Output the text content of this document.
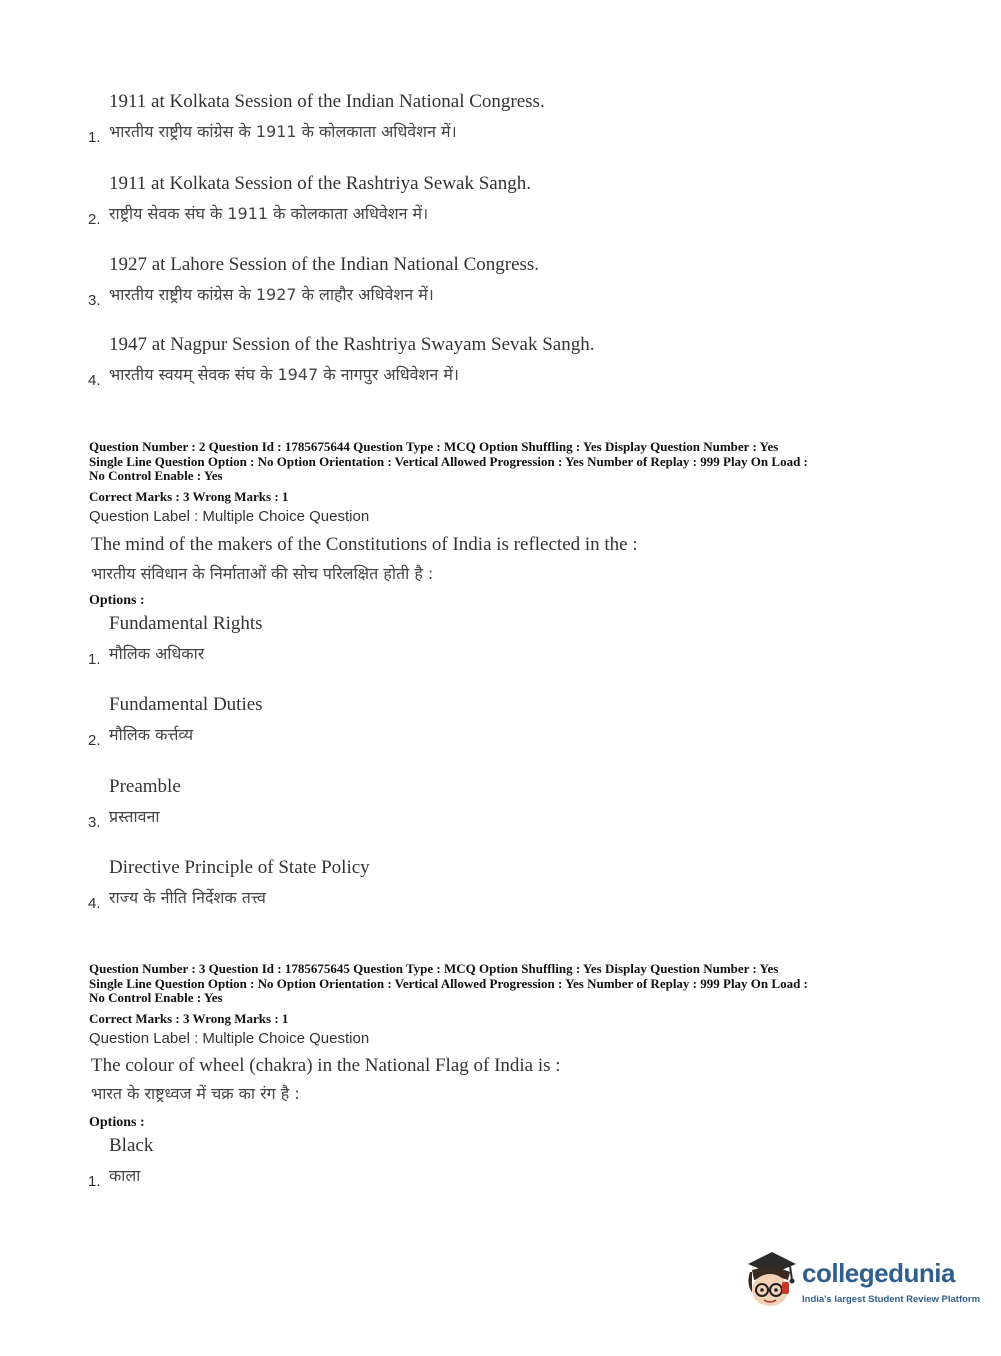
1911 at Kolkata Session of the Indian National Congress.
भारतीय राष्ट्रीय कांग्रेस के 1911 के कोलकाता अधिवेशन में।
1.
1911 at Kolkata Session of the Rashtriya Sewak Sangh.
राष्ट्रीय सेवक संघ के 1911 के कोलकाता अधिवेशन में।
2.
1927 at Lahore Session of the Indian National Congress.
भारतीय राष्ट्रीय कांग्रेस के 1927 के लाहौर अधिवेशन में।
3.
1947 at Nagpur Session of the Rashtriya Swayam Sevak Sangh.
भारतीय स्वयम् सेवक संघ के 1947 के नागपुर अधिवेशन में।
4.
Question Number : 2 Question Id : 1785675644 Question Type : MCQ Option Shuffling : Yes Display Question Number : Yes
Single Line Question Option : No Option Orientation : Vertical Allowed Progression : Yes Number of Replay : 999 Play On Load :
No Control Enable : Yes
Correct Marks : 3 Wrong Marks : 1
Question Label : Multiple Choice Question
The mind of the makers of the Constitutions of India is reflected in the :
भारतीय संविधान के निर्माताओं की सोच परिलक्षित होती है :
Options :
Fundamental Rights
मौलिक अधिकार
1.
Fundamental Duties
मौलिक कर्त्तव्य
2.
Preamble
प्रस्तावना
3.
Directive Principle of State Policy
राज्य के नीति निर्देशक तत्त्व
4.
Question Number : 3 Question Id : 1785675645 Question Type : MCQ Option Shuffling : Yes Display Question Number : Yes
Single Line Question Option : No Option Orientation : Vertical Allowed Progression : Yes Number of Replay : 999 Play On Load :
No Control Enable : Yes
Correct Marks : 3 Wrong Marks : 1
Question Label : Multiple Choice Question
The colour of wheel (chakra) in the National Flag of India is :
भारत के राष्ट्रध्वज में चक्र का रंग है :
Options :
Black
काला
1.
collegedunia
India's largest Student Review Platform
